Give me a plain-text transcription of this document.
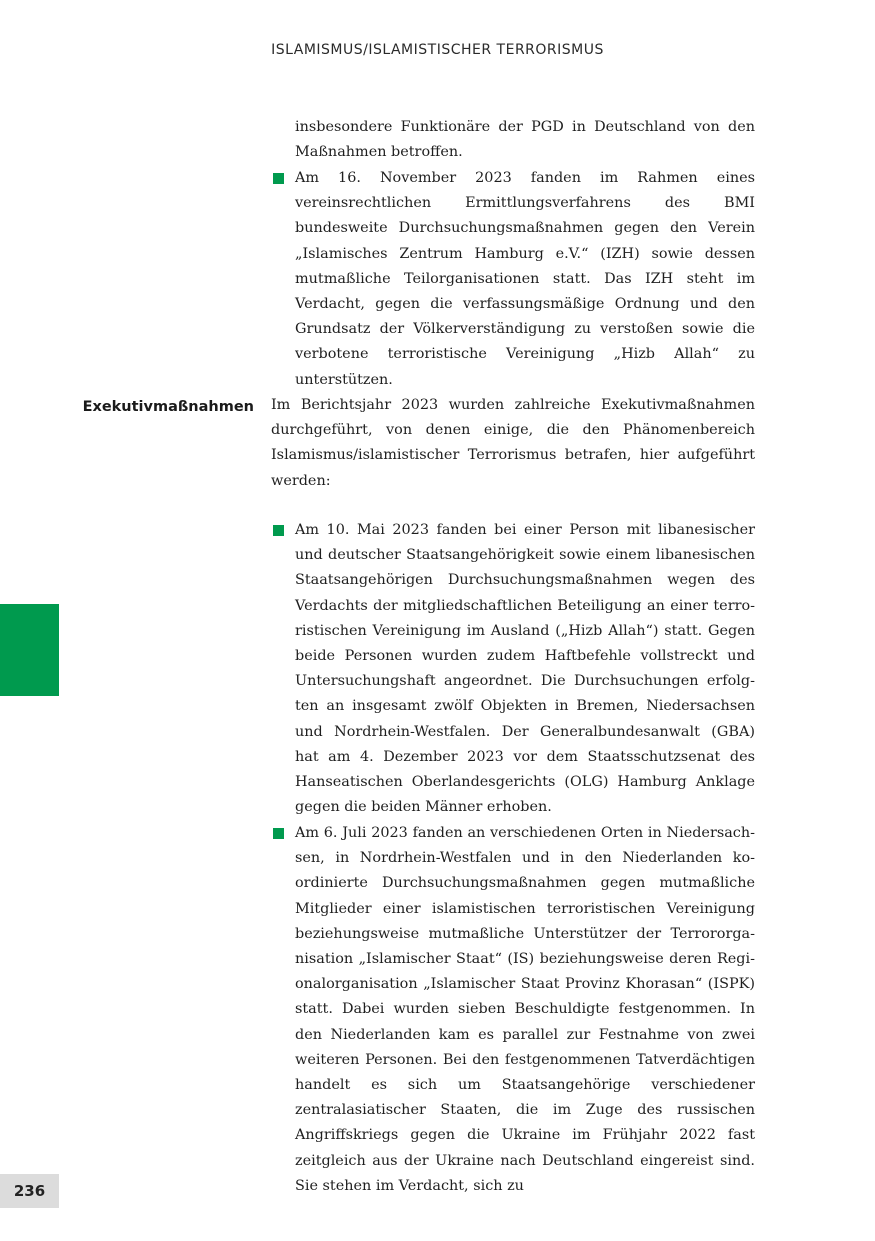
ISLAMISMUS/ISLAMISTISCHER TERRORISMUS
236
insbesondere Funktionäre der PGD in Deutschland von den Maßnahmen betroffen.
Am 16. November 2023 fanden im Rahmen eines vereinsrechtlichen Ermittlungsverfahrens des BMI bundesweite Durchsuchungsmaßnahmen gegen den Verein „Islamisches Zentrum Hamburg e.V.“ (IZH) sowie dessen mutmaßliche Teilorganisationen statt. Das IZH steht im Verdacht, gegen die verfassungsmäßige Ordnung und den Grundsatz der Völkerverständigung zu verstoßen sowie die verbotene terroristische Vereinigung „Hizb Allah“ zu unterstützen.
Exekutivmaßnahmen Im Berichtsjahr 2023 wurden zahlreiche Exekutivmaßnahmen durchgeführt, von denen einige, die den Phänomenbereich Islamismus/islamistischer Terrorismus betrafen, hier aufgeführt werden:
Am 10. Mai 2023 fanden bei einer Person mit libanesischer und deutscher Staatsangehörigkeit sowie einem libanesischen Staatsangehörigen Durchsuchungsmaßnahmen wegen des Verdachts der mitgliedschaftlichen Beteiligung an einer terroristischen Vereinigung im Ausland („Hizb Allah“) statt. Gegen beide Personen wurden zudem Haftbefehle vollstreckt und Untersuchungshaft angeordnet. Die Durchsuchungen erfolgten an insgesamt zwölf Objekten in Bremen, Niedersachsen und Nordrhein-Westfalen. Der Generalbundesanwalt (GBA) hat am 4. Dezember 2023 vor dem Staatsschutzsenat des Hanseatischen Oberlandesgerichts (OLG) Hamburg Anklage gegen die beiden Männer erhoben.
Am 6. Juli 2023 fanden an verschiedenen Orten in Niedersachsen, in Nordrhein-Westfalen und in den Niederlanden koordinierte Durchsuchungsmaßnahmen gegen mutmaßliche Mitglieder einer islamistischen terroristischen Vereinigung beziehungsweise mutmaßliche Unterstützer der Terrororganisation „Islamischer Staat“ (IS) beziehungsweise deren Regionalorganisation „Islamischer Staat Provinz Khorasan“ (ISPK) statt. Dabei wurden sieben Beschuldigte festgenommen. In den Niederlanden kam es parallel zur Festnahme von zwei weiteren Personen. Bei den festgenommenen Tatverdächtigen handelt es sich um Staatsangehörige verschiedener zentralasiatischer Staaten, die im Zuge des russischen Angriffskriegs gegen die Ukraine im Frühjahr 2022 fast zeitgleich aus der Ukraine nach Deutschland eingereist sind. Sie stehen im Verdacht, sich zu
